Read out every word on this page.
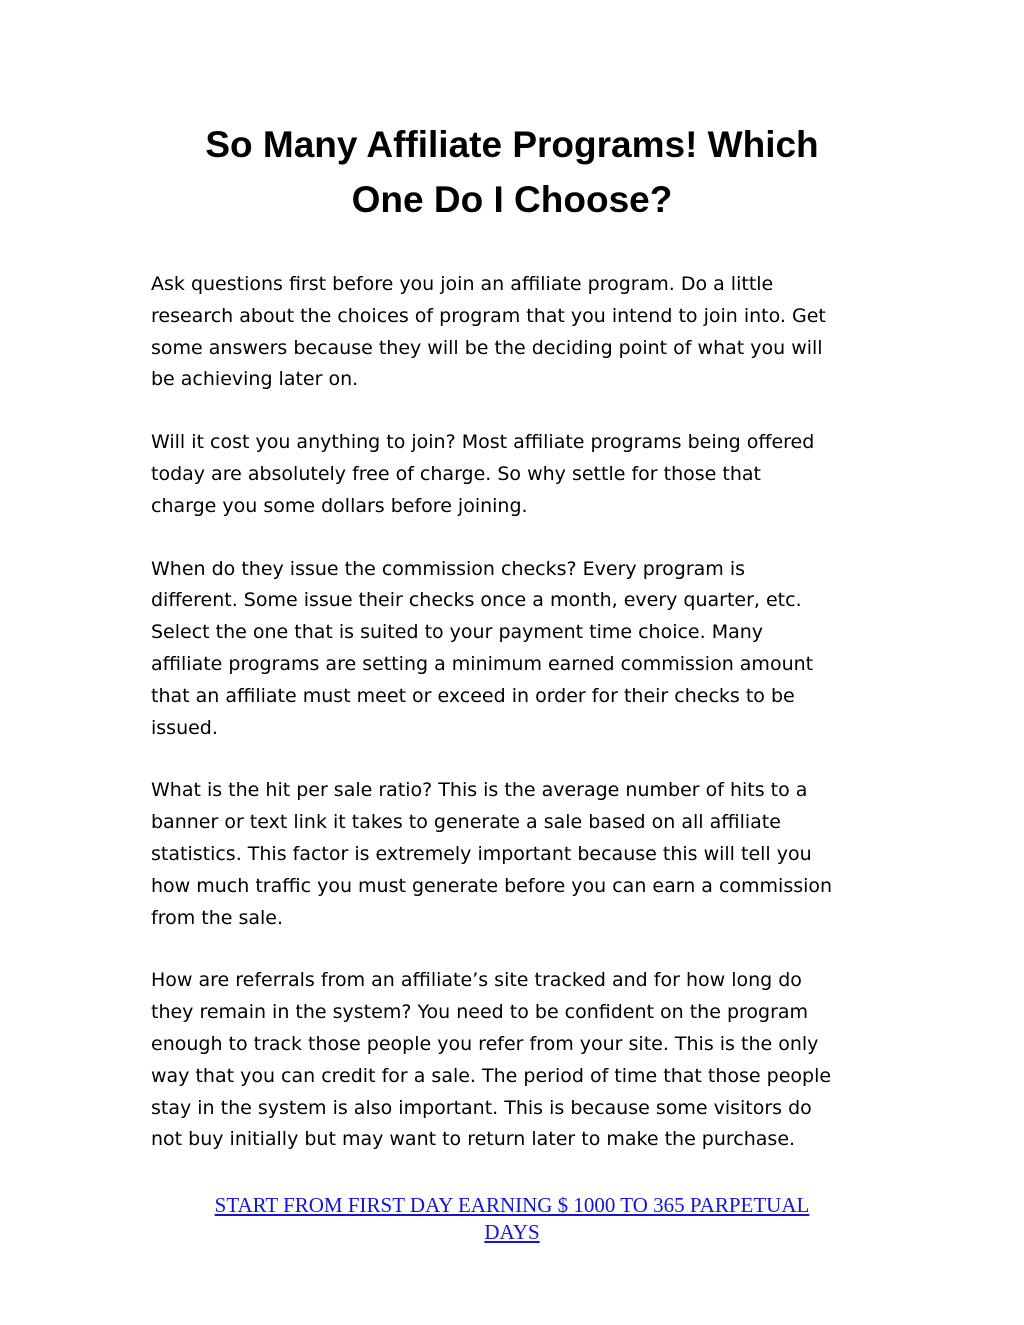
So Many Affiliate Programs! Which
One Do I Choose?

Ask questions first before you join an affiliate program. Do a little
research about the choices of program that you intend to join into. Get
some answers because they will be the deciding point of what you will
be achieving later on.

Will it cost you anything to join? Most affiliate programs being offered
today are absolutely free of charge. So why settle for those that
charge you some dollars before joining.

When do they issue the commission checks? Every program is
different. Some issue their checks once a month, every quarter, etc.
Select the one that is suited to your payment time choice. Many
affiliate programs are setting a minimum earned commission amount
that an affiliate must meet or exceed in order for their checks to be
issued.

What is the hit per sale ratio? This is the average number of hits to a
banner or text link it takes to generate a sale based on all affiliate
statistics. This factor is extremely important because this will tell you
how much traffic you must generate before you can earn a commission
from the sale.

How are referrals from an affiliate’s site tracked and for how long do
they remain in the system? You need to be confident on the program
enough to track those people you refer from your site. This is the only
way that you can credit for a sale. The period of time that those people
stay in the system is also important. This is because some visitors do
not buy initially but may want to return later to make the purchase.

START FROM FIRST DAY EARNING $ 1000 TO 365 PARPETUAL
DAYS
